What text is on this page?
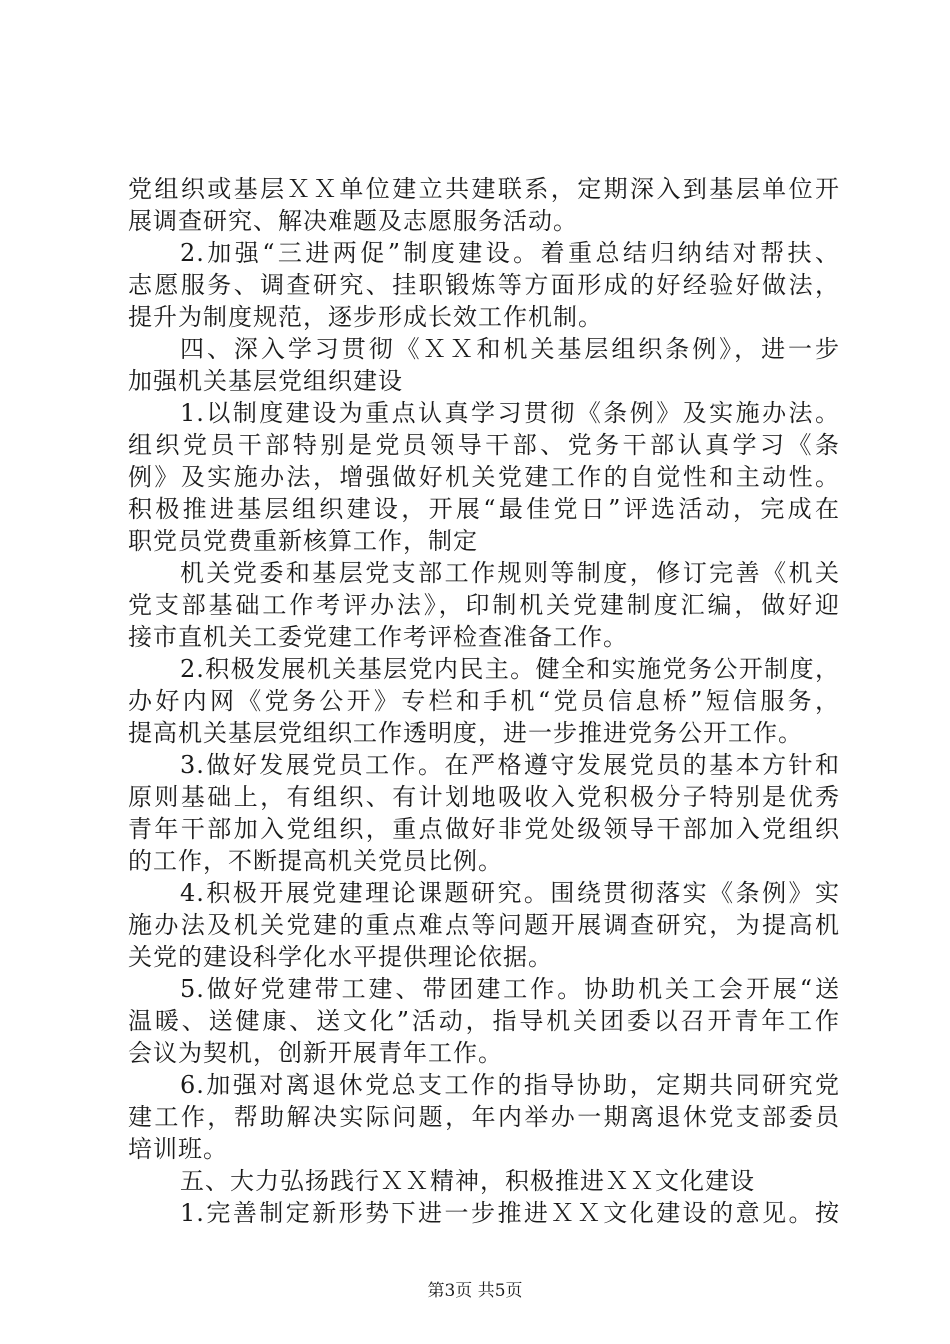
党组织或基层ＸＸ单位建立共建联系，定期深入到基层单位开
展调查研究、解决难题及志愿服务活动。
2.加强“三进两促”制度建设。着重总结归纳结对帮扶、
志愿服务、调查研究、挂职锻炼等方面形成的好经验好做法，
提升为制度规范，逐步形成长效工作机制。
四、深入学习贯彻《ＸＸ和机关基层组织条例》，进一步
加强机关基层党组织建设
1.以制度建设为重点认真学习贯彻《条例》及实施办法。
组织党员干部特别是党员领导干部、党务干部认真学习《条
例》及实施办法，增强做好机关党建工作的自觉性和主动性。
积极推进基层组织建设，开展“最佳党日”评选活动，完成在
职党员党费重新核算工作，制定
机关党委和基层党支部工作规则等制度，修订完善《机关
党支部基础工作考评办法》，印制机关党建制度汇编，做好迎
接市直机关工委党建工作考评检查准备工作。
2.积极发展机关基层党内民主。健全和实施党务公开制度，
办好内网《党务公开》专栏和手机“党员信息桥”短信服务，
提高机关基层党组织工作透明度，进一步推进党务公开工作。
3.做好发展党员工作。在严格遵守发展党员的基本方针和
原则基础上，有组织、有计划地吸收入党积极分子特别是优秀
青年干部加入党组织，重点做好非党处级领导干部加入党组织
的工作，不断提高机关党员比例。
4.积极开展党建理论课题研究。围绕贯彻落实《条例》实
施办法及机关党建的重点难点等问题开展调查研究，为提高机
关党的建设科学化水平提供理论依据。
5.做好党建带工建、带团建工作。协助机关工会开展“送
温暖、送健康、送文化”活动，指导机关团委以召开青年工作
会议为契机，创新开展青年工作。
6.加强对离退休党总支工作的指导协助，定期共同研究党
建工作，帮助解决实际问题，年内举办一期离退休党支部委员
培训班。
五、大力弘扬践行ＸＸ精神，积极推进ＸＸ文化建设
1.完善制定新形势下进一步推进ＸＸ文化建设的意见。按
第3页 共5页
